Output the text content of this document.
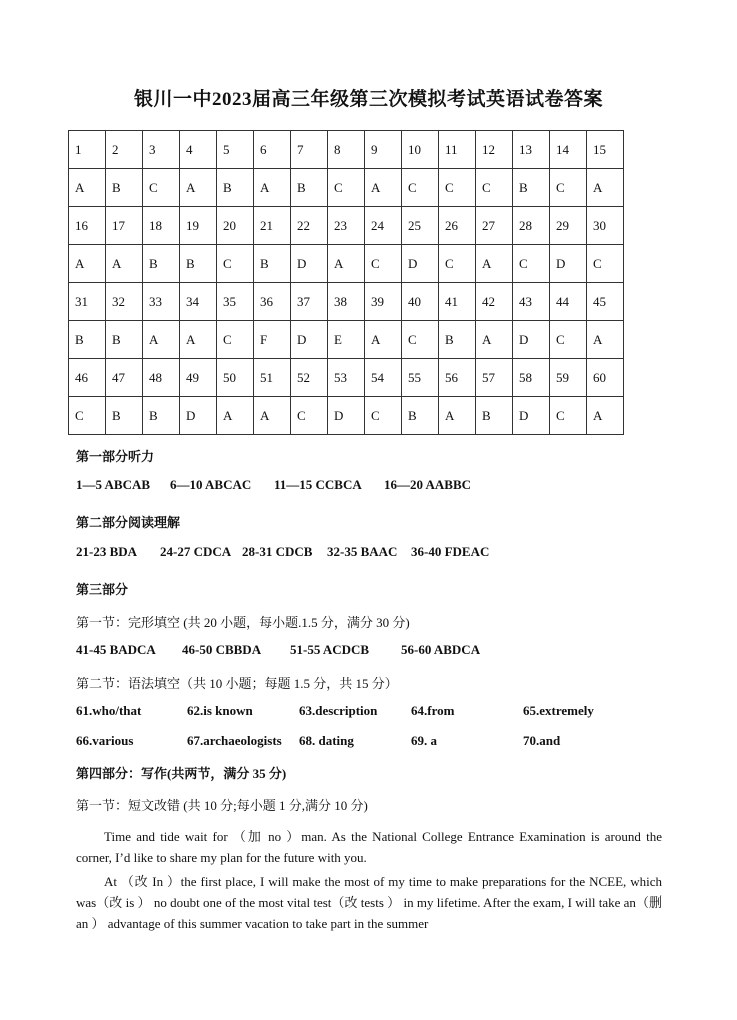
银川一中2023届高三年级第三次模拟考试英语试卷答案
1	2	3	4	5	6	7	8	9	10	11	12	13	14	15
A	B	C	A	B	A	B	C	A	C	C	C	B	C	A
16	17	18	19	20	21	22	23	24	25	26	27	28	29	30
A	A	B	B	C	B	D	A	C	D	C	A	C	D	C
31	32	33	34	35	36	37	38	39	40	41	42	43	44	45
B	B	A	A	C	F	D	E	A	C	B	A	D	C	A
46	47	48	49	50	51	52	53	54	55	56	57	58	59	60
C	B	B	D	A	A	C	D	C	B	A	B	D	C	A
第一部分听力
1—5 ABCAB 6—10 ABCAC 11—15 CCBCA 16—20 AABBC
第二部分阅读理解
21-23 BDA 24-27 CDCA 28-31 CDCB 32-35 BAAC 36-40 FDEAC
第三部分
第一节：完形填空 (共 20 小题，每小题.1.5 分，满分 30 分)
41-45 BADCA 46-50 CBBDA 51-55 ACDCB 56-60 ABDCA
第二节：语法填空（共 10 小题；每题 1.5 分，共 15 分）
61.who/that	62.is known	63.description	64.from	65.extremely
66.various	67.archaeologists 68. dating	69. a	70.and
第四部分：写作(共两节，满分 35 分)
第一节：短文改错 (共 10 分;每小题 1 分,满分 10 分)

Time and tide wait for （加 no ）man. As the National College Entrance Examination is around the corner, I’d like to share my plan for the future with you.

At （改 In ）the first place, I will make the most of my time to make preparations for the NCEE, which was（改 is ） no doubt one of the most vital test（改 tests ） in my lifetime. After the exam, I will take an（删 an ） advantage of this summer vacation to take part in the summer
